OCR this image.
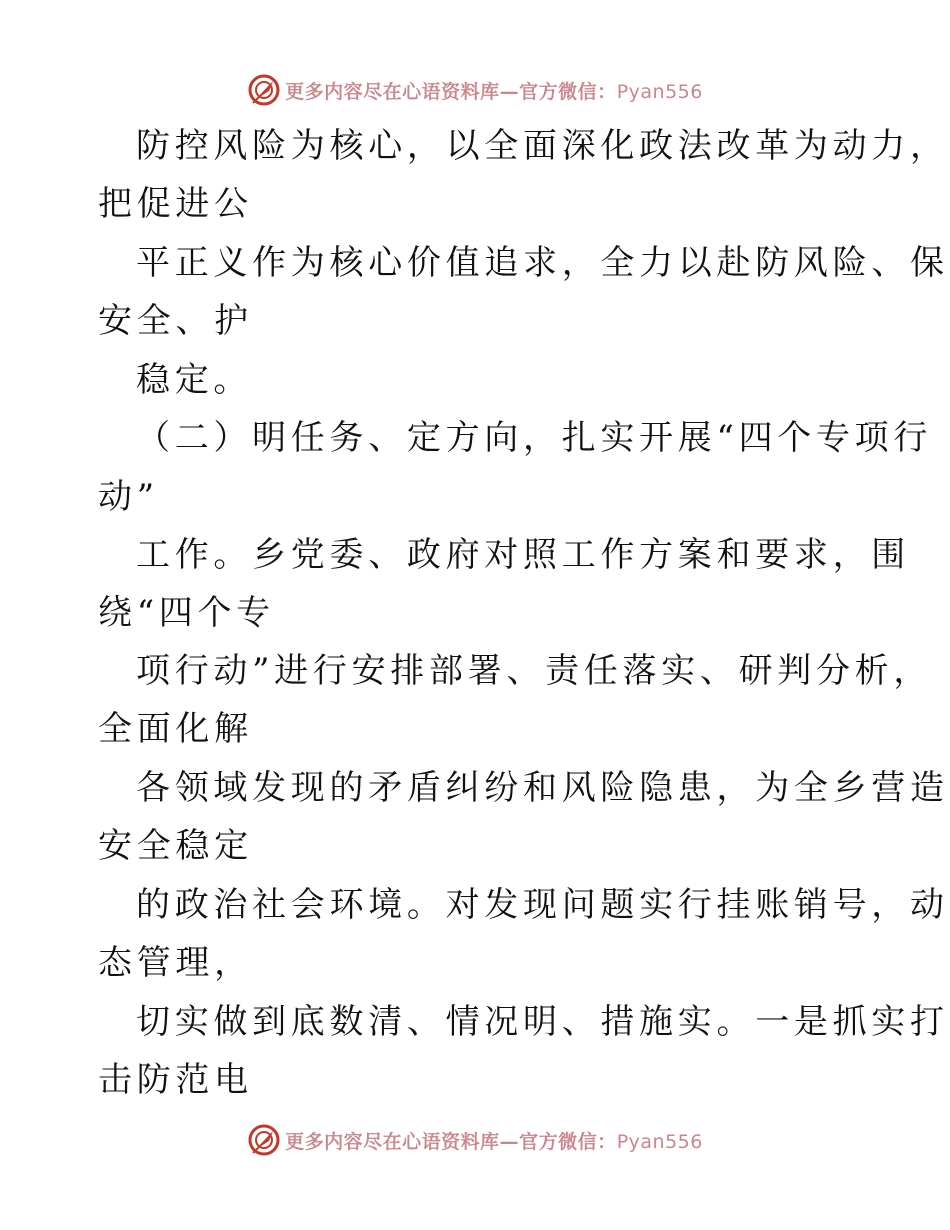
更多内容尽在心语资料库—官方微信：Pyan556
防控风险为核心，以全面深化政法改革为动力，
把促进公
平正义作为核心价值追求，全力以赴防风险、保
安全、护
稳定。
（二）明任务、定方向，扎实开展“四个专项行
动”
工作。乡党委、政府对照工作方案和要求，围
绕“四个专
项行动”进行安排部署、责任落实、研判分析，
全面化解
各领域发现的矛盾纠纷和风险隐患，为全乡营造
安全稳定
的政治社会环境。对发现问题实行挂账销号，动
态管理，
切实做到底数清、情况明、措施实。一是抓实打
击防范电
更多内容尽在心语资料库—官方微信：Pyan556
